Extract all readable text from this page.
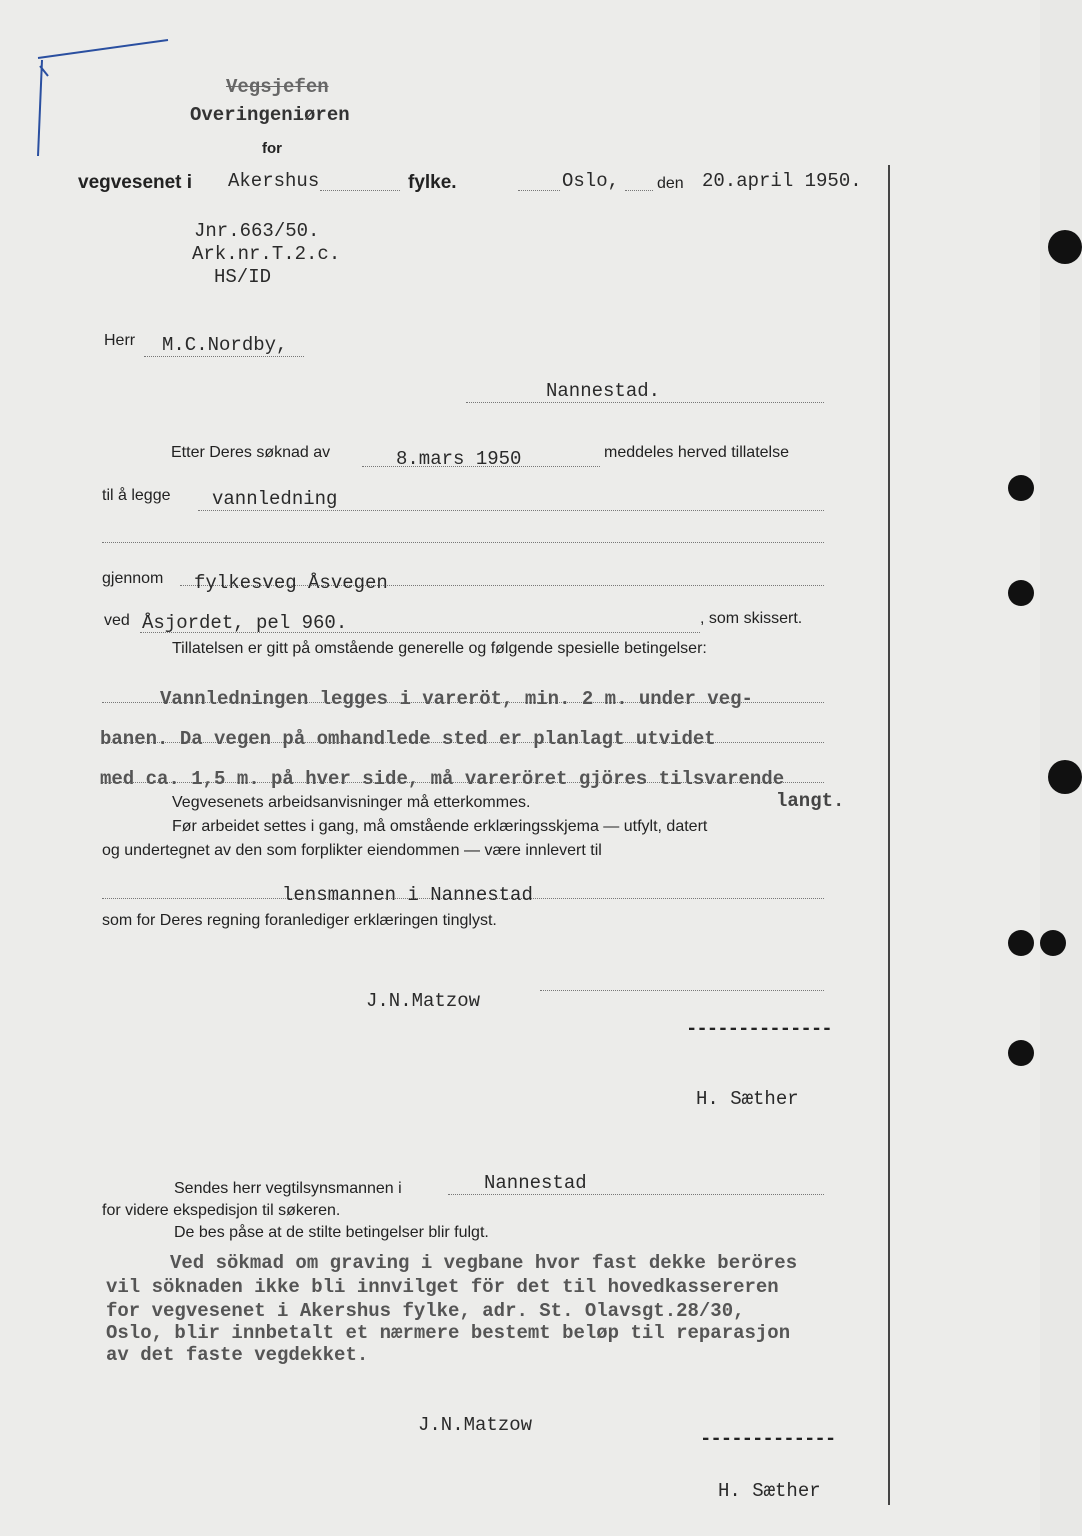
Vegsjefen
Overingeniøren
for
vegvesenet i Akershus	fylke.	Oslo, den 20.april 1950.
Jnr.663/50.
Ark.nr.T.2.c.
HS/ID
Herr M.C.Nordby,
Nannestad.
Etter Deres søknad av	8.mars 1950	meddeles herved tillatelse
til å legge vannledning
gjennom fylkesveg Åsvegen
ved Åsjordet, pel 960.	, som skissert.
Tillatelsen er gitt på omstående generelle og følgende spesielle betingelser:
Vannledningen legges i vareröt, min. 2 m. under veg-
banen. Da vegen på omhandlede sted er planlagt utvidet
med ca. 1,5 m. på hver side, må vareröret gjöres tilsvarende
langt.
Vegvesenets arbeidsanvisninger må etterkommes.
Før arbeidet settes i gang, må omstående erklæringsskjema — utfylt, datert
og undertegnet av den som forplikter eiendommen — være innlevert til
lensmannen i Nannestad
som for Deres regning foranlediger erklæringen tinglyst.
J.N.Matzow
--------------
H. Sæther
Sendes herr vegtilsynsmannen i	Nannestad
for videre ekspedisjon til søkeren.
De bes påse at de stilte betingelser blir fulgt.
Ved sökmad om graving i vegbane hvor fast dekke beröres
vil söknaden ikke bli innvilget för det til hovedkassereren
for vegvesenet i Akershus fylke, adr. St. Olavsgt.28/30,
Oslo, blir innbetalt et nærmere bestemt beløp til reparasjon
av det faste vegdekket.
J.N.Matzow
-------------
H. Sæther
